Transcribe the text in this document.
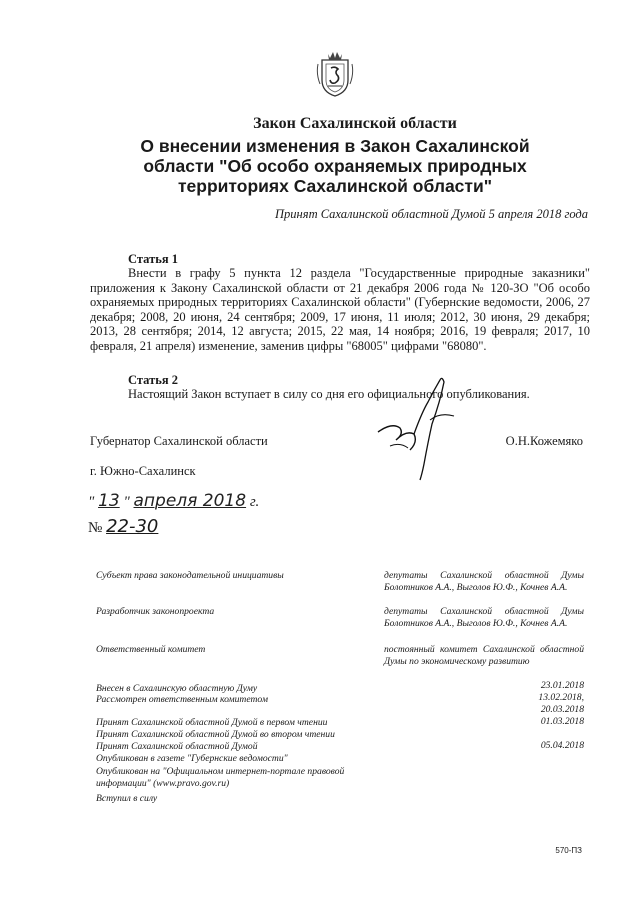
Закон Сахалинской области
О внесении изменения в Закон Сахалинской
области "Об особо охраняемых природных
территориях Сахалинской области"
Принят Сахалинской областной Думой 5 апреля 2018 года
Статья 1
Внести в графу 5 пункта 12 раздела "Государственные природные заказники" приложения к Закону Сахалинской области от 21 декабря 2006 года № 120-ЗО "Об особо охраняемых природных территориях Сахалинской области" (Губернские ведомости, 2006, 27 декабря; 2008, 20 июня, 24 сентября; 2009, 17 июня, 11 июля; 2012, 30 июня, 29 декабря; 2013, 28 сентября; 2014, 12 августа; 2015, 22 мая, 14 ноября; 2016, 19 февраля; 2017, 10 февраля, 21 апреля) изменение, заменив цифры "68005" цифрами "68080".
Статья 2
Настоящий Закон вступает в силу со дня его официального опубликования.
Губернатор Сахалинской области	О.Н.Кожемяко
г. Южно-Сахалинск
" 13 " апреля 2018 г.
№ 22-30
Субъект права законодательной инициативы	депутаты Сахалинской областной Думы Болотников А.А., Выголов Ю.Ф., Кочнев А.А.
Разработчик законопроекта	депутаты Сахалинской областной Думы Болотников А.А., Выголов Ю.Ф., Кочнев А.А.
Ответственный комитет	постоянный комитет Сахалинской областной Думы по экономическому развитию
Внесен в Сахалинскую областную Думу	23.01.2018
Рассмотрен ответственным комитетом	13.02.2018,
20.03.2018
Принят Сахалинской областной Думой в первом чтении	01.03.2018
Принят Сахалинской областной Думой во втором чтении
Принят Сахалинской областной Думой	05.04.2018
Опубликован в газете "Губернские ведомости"
Опубликован на "Официальном интернет-портале правовой информации" (www.pravo.gov.ru)
Вступил в силу
570-ПЗ
